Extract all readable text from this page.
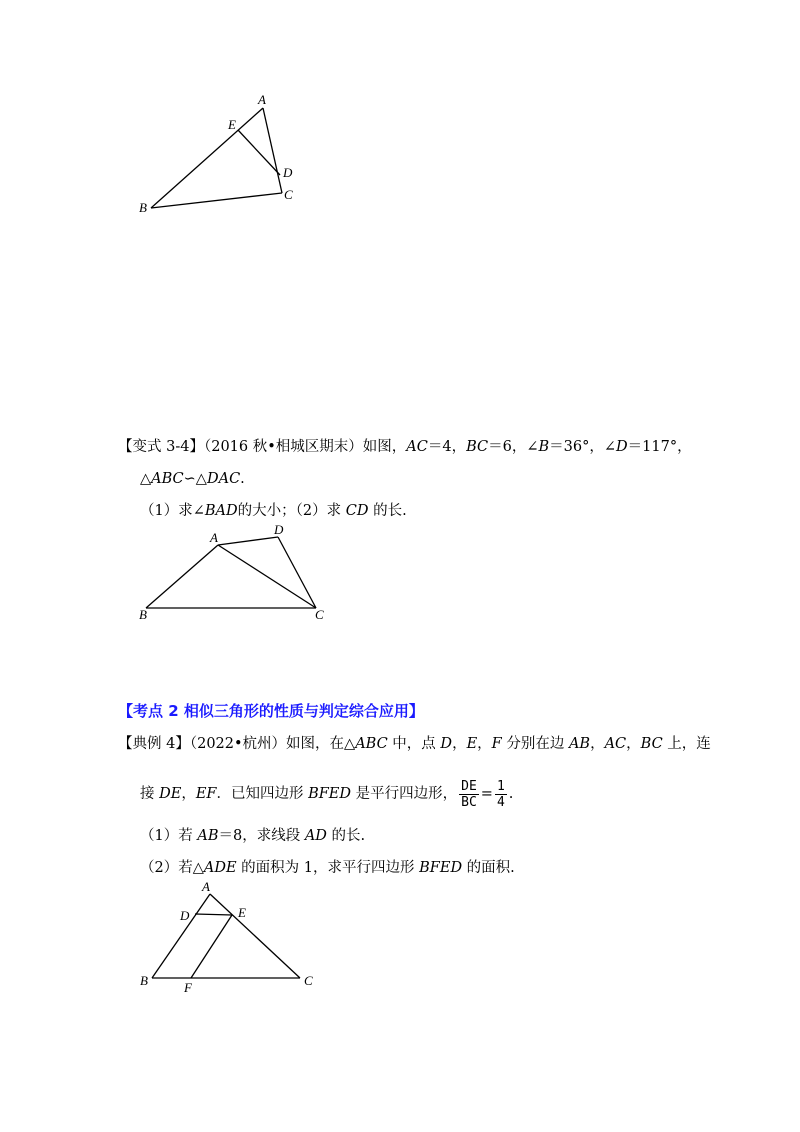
A
E
D
C
B
【变式 3-4】（2016 秋•相城区期末）如图，AC＝4，BC＝6，∠B＝36°，∠D＝117°，
△ABC∽△DAC.
（1）求∠BAD的大小；（2）求 CD 的长.
A
D
B	C
【考点 2 相似三角形的性质与判定综合应用】
【典例 4】（2022•杭州）如图，在△ABC 中，点 D，E，F 分别在边 AB，AC，BC 上，连
接 DE，EF．已知四边形 BFED 是平行四边形， $\frac{DE}{BC} = \frac{1}{4}$ .
（1）若 AB＝8，求线段 AD 的长.
（2）若△ADE 的面积为 1，求平行四边形 BFED 的面积.
A
D	E
B	F	C
